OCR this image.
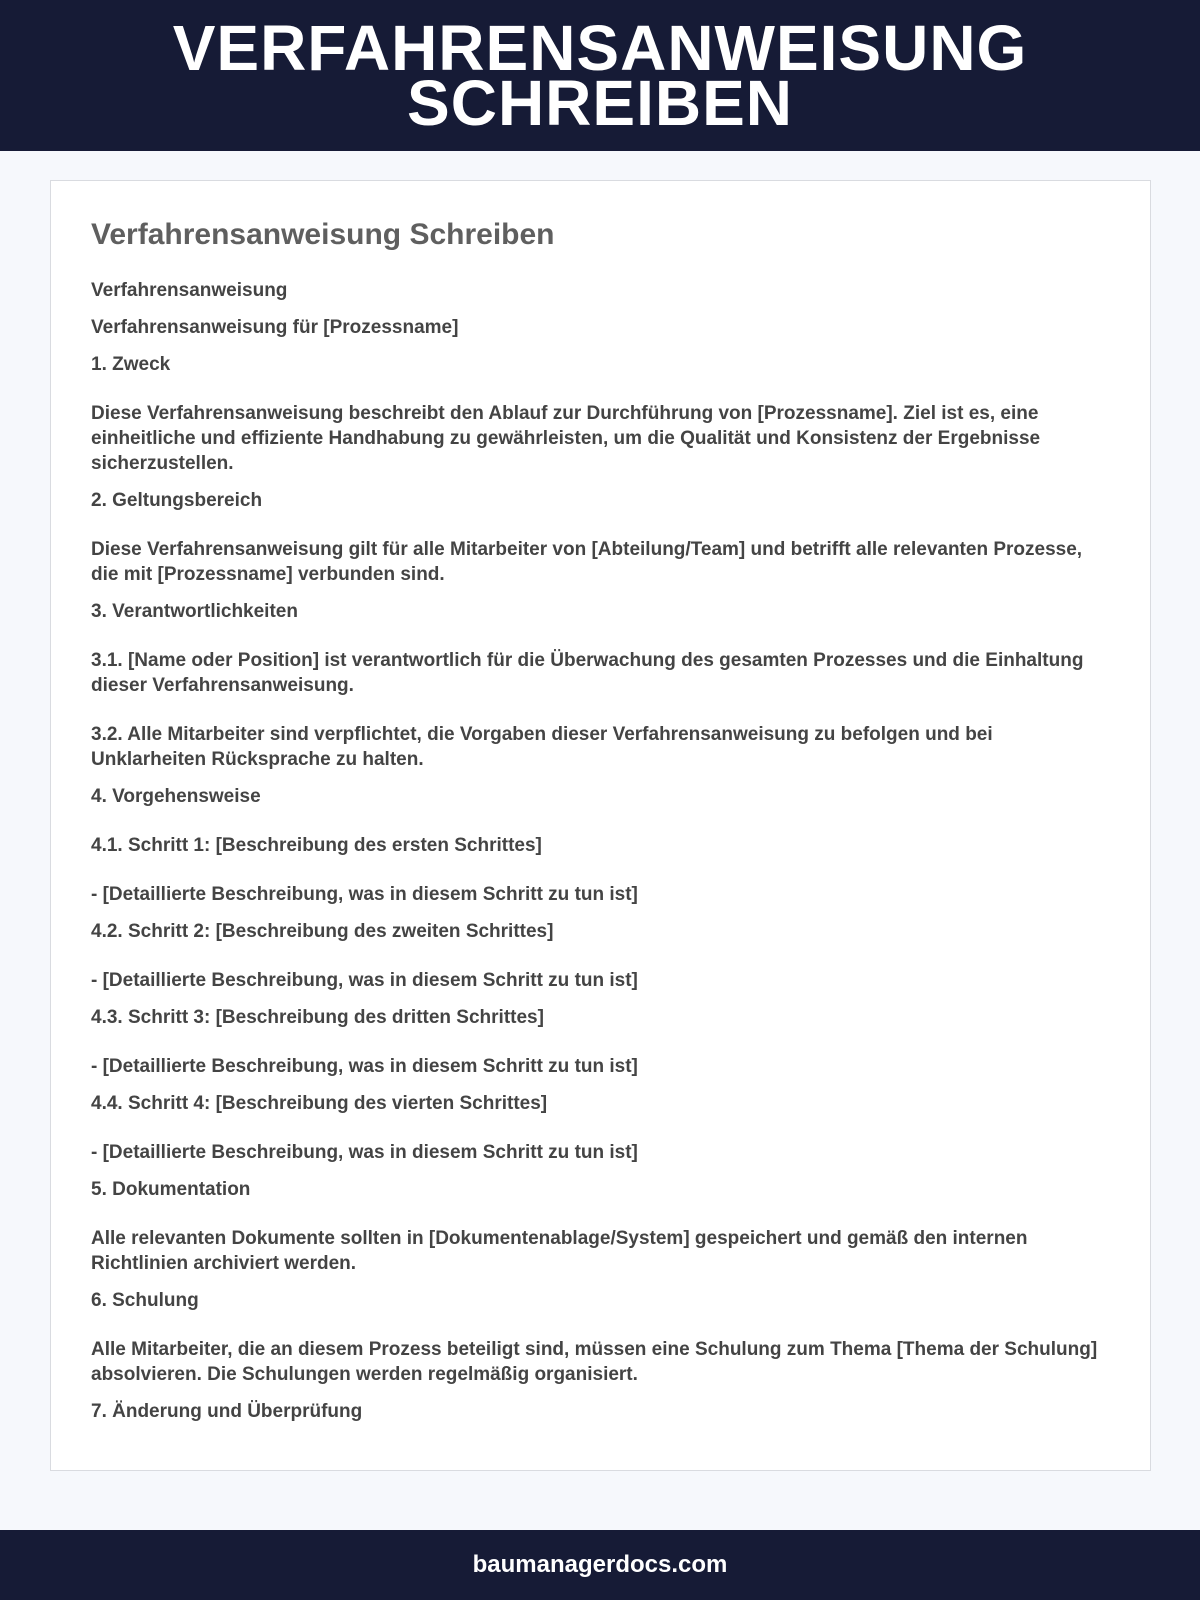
VERFAHRENSANWEISUNG SCHREIBEN
Verfahrensanweisung Schreiben

Verfahrensanweisung

Verfahrensanweisung für [Prozessname]

1. Zweck

Diese Verfahrensanweisung beschreibt den Ablauf zur Durchführung von [Prozessname]. Ziel ist es, eine einheitliche und effiziente Handhabung zu gewährleisten, um die Qualität und Konsistenz der Ergebnisse sicherzustellen.

2. Geltungsbereich

Diese Verfahrensanweisung gilt für alle Mitarbeiter von [Abteilung/Team] und betrifft alle relevanten Prozesse, die mit [Prozessname] verbunden sind.

3. Verantwortlichkeiten

3.1. [Name oder Position] ist verantwortlich für die Überwachung des gesamten Prozesses und die Einhaltung dieser Verfahrensanweisung.

3.2. Alle Mitarbeiter sind verpflichtet, die Vorgaben dieser Verfahrensanweisung zu befolgen und bei Unklarheiten Rücksprache zu halten.

4. Vorgehensweise

4.1. Schritt 1: [Beschreibung des ersten Schrittes]

- [Detaillierte Beschreibung, was in diesem Schritt zu tun ist]

4.2. Schritt 2: [Beschreibung des zweiten Schrittes]

- [Detaillierte Beschreibung, was in diesem Schritt zu tun ist]

4.3. Schritt 3: [Beschreibung des dritten Schrittes]

- [Detaillierte Beschreibung, was in diesem Schritt zu tun ist]

4.4. Schritt 4: [Beschreibung des vierten Schrittes]

- [Detaillierte Beschreibung, was in diesem Schritt zu tun ist]

5. Dokumentation

Alle relevanten Dokumente sollten in [Dokumentenablage/System] gespeichert und gemäß den internen Richtlinien archiviert werden.

6. Schulung

Alle Mitarbeiter, die an diesem Prozess beteiligt sind, müssen eine Schulung zum Thema [Thema der Schulung] absolvieren. Die Schulungen werden regelmäßig organisiert.

7. Änderung und Überprüfung

baumanagerdocs.com
